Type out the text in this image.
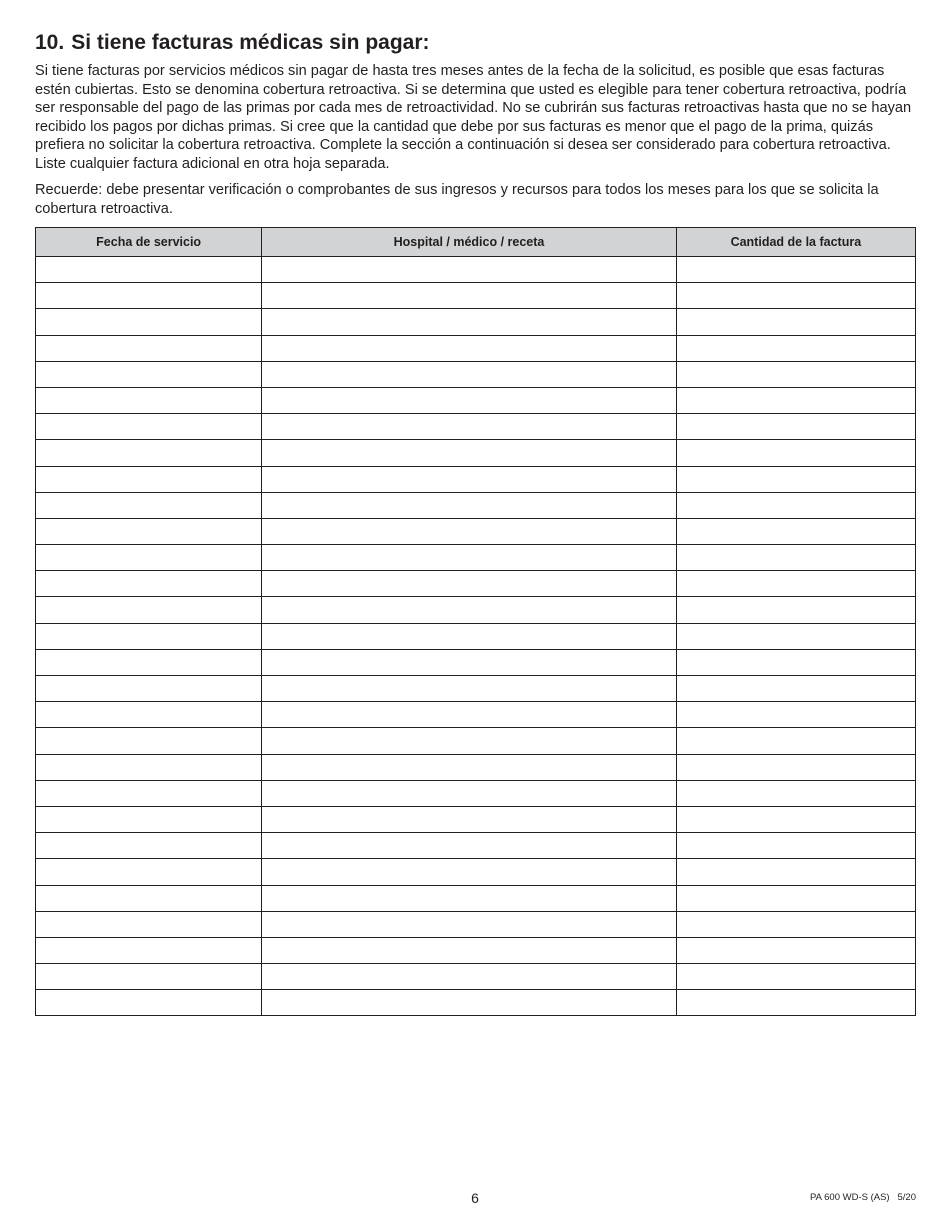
10. Si tiene facturas médicas sin pagar:

Si tiene facturas por servicios médicos sin pagar de hasta tres meses antes de la fecha de la solicitud, es posible que esas facturas estén cubiertas. Esto se denomina cobertura retroactiva. Si se determina que usted es elegible para tener cobertura retroactiva, podría ser responsable del pago de las primas por cada mes de retroactividad. No se cubrirán sus facturas retroactivas hasta que no se hayan recibido los pagos por dichas primas. Si cree que la cantidad que debe por sus facturas es menor que el pago de la prima, quizás prefiera no solicitar la cobertura retroactiva. Complete la sección a continuación si desea ser considerado para cobertura retroactiva. Liste cualquier factura adicional en otra hoja separada.

Recuerde: debe presentar verificación o comprobantes de sus ingresos y recursos para todos los meses para los que se solicita la cobertura retroactiva.

Fecha de servicio	Hospital / médico / receta	Cantidad de la factura

6	PA 600 WD-S (AS)   5/20
